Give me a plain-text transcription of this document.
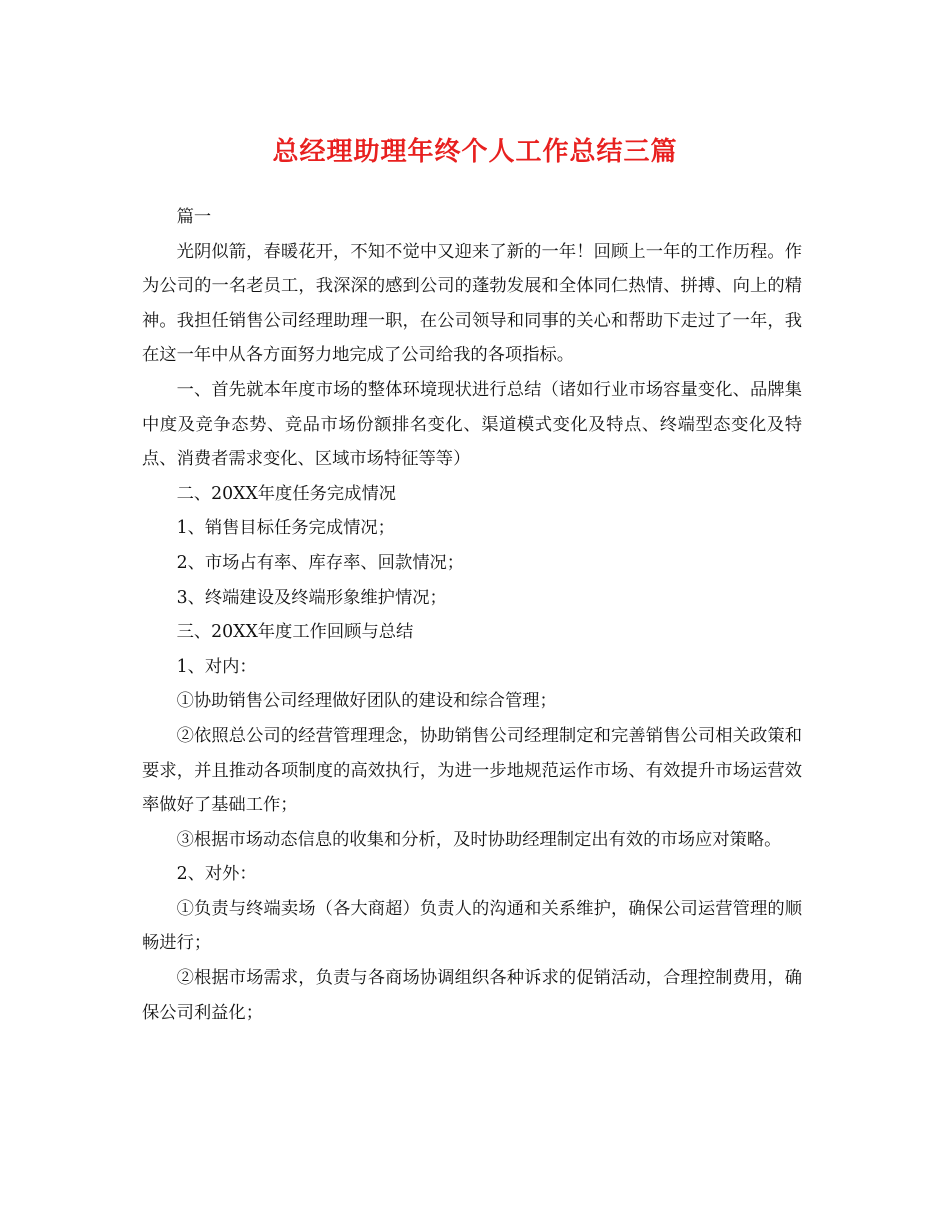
总经理助理年终个人工作总结三篇

篇一

光阴似箭，春暖花开，不知不觉中又迎来了新的一年！回顾上一年的工作历程。作为公司的一名老员工，我深深的感到公司的蓬勃发展和全体同仁热情、拼搏、向上的精神。我担任销售公司经理助理一职，在公司领导和同事的关心和帮助下走过了一年，我在这一年中从各方面努力地完成了公司给我的各项指标。

一、首先就本年度市场的整体环境现状进行总结（诸如行业市场容量变化、品牌集中度及竞争态势、竞品市场份额排名变化、渠道模式变化及特点、终端型态变化及特点、消费者需求变化、区域市场特征等等）

二、20XX年度任务完成情况

1、销售目标任务完成情况；

2、市场占有率、库存率、回款情况；

3、终端建设及终端形象维护情况；

三、20XX年度工作回顾与总结

1、对内：

①协助销售公司经理做好团队的建设和综合管理；

②依照总公司的经营管理理念，协助销售公司经理制定和完善销售公司相关政策和要求，并且推动各项制度的高效执行，为进一步地规范运作市场、有效提升市场运营效率做好了基础工作；

③根据市场动态信息的收集和分析，及时协助经理制定出有效的市场应对策略。

2、对外：

①负责与终端卖场（各大商超）负责人的沟通和关系维护，确保公司运营管理的顺畅进行；

②根据市场需求，负责与各商场协调组织各种诉求的促销活动，合理控制费用，确保公司利益化；
